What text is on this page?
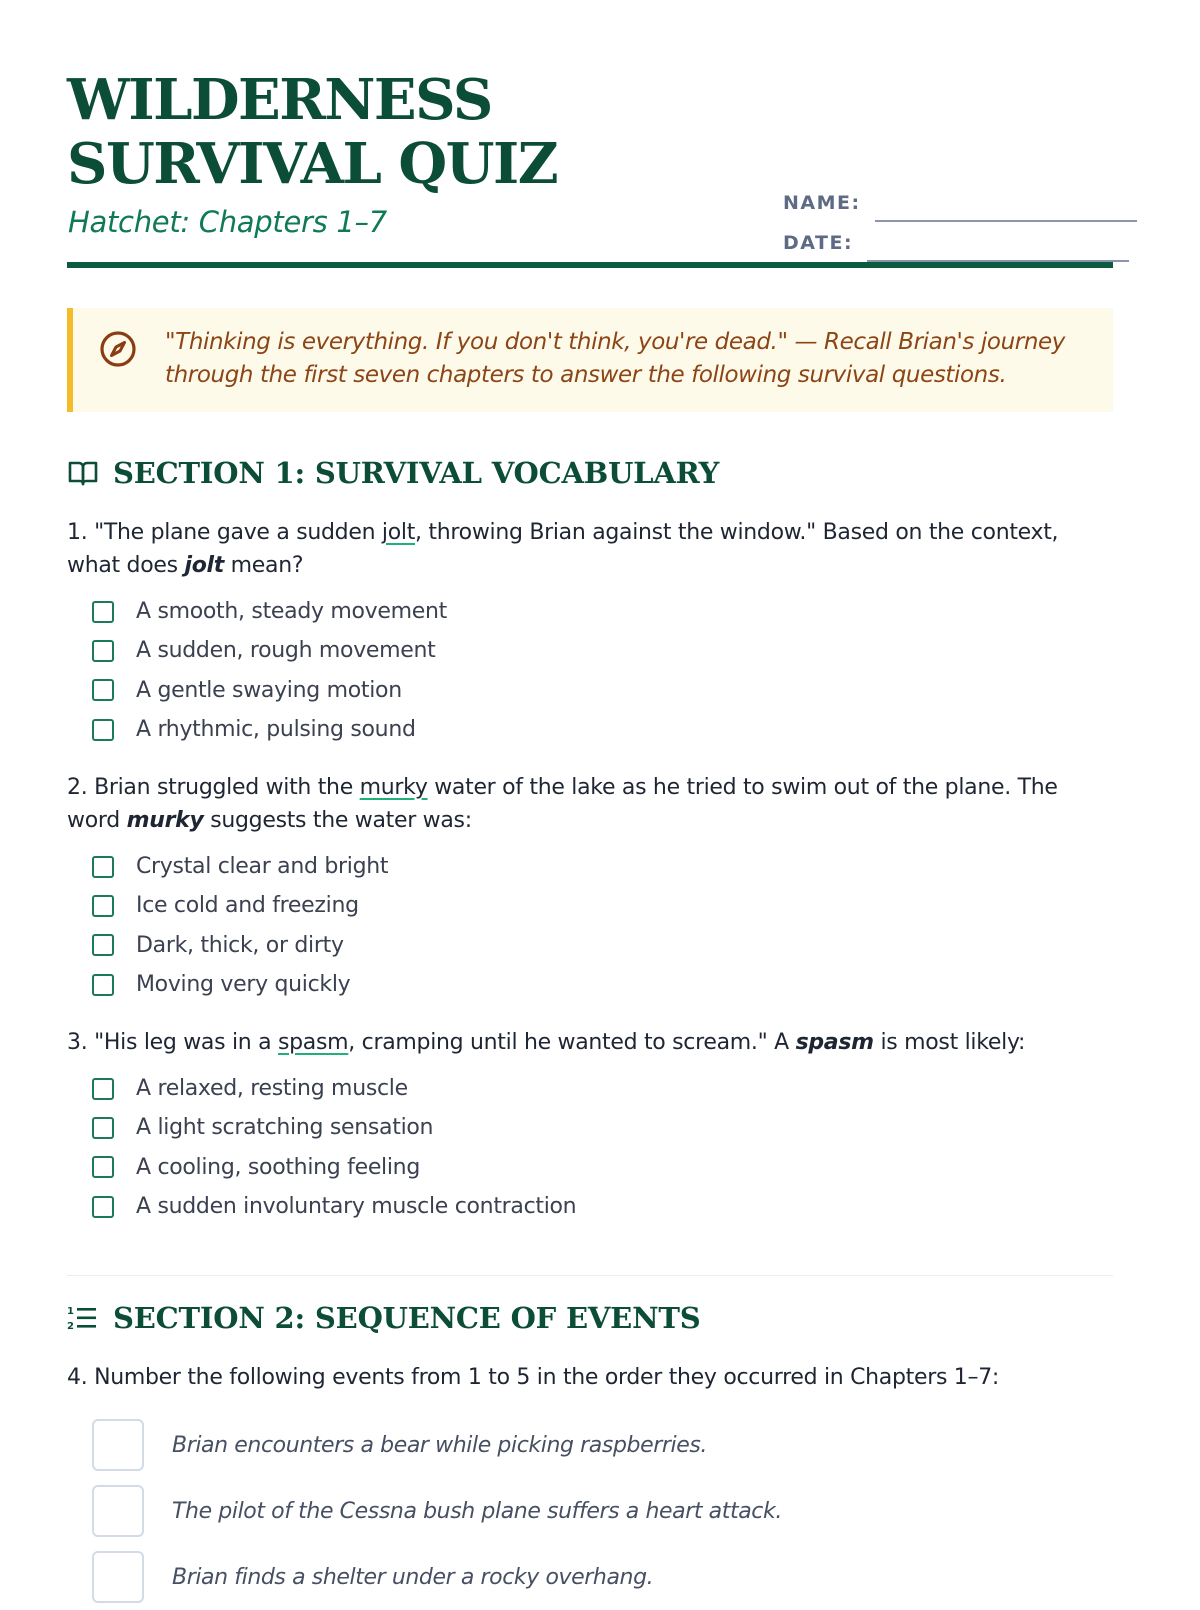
WILDERNESS SURVIVAL QUIZ

Hatchet: Chapters 1–7

NAME:
DATE:
"Thinking is everything. If you don't think, you're dead." — Recall Brian's journey through the first seven chapters to answer the following survival questions.
SECTION 1: SURVIVAL VOCABULARY
1. "The plane gave a sudden jolt, throwing Brian against the window." Based on the context, what does jolt mean?
A smooth, steady movement
A sudden, rough movement
A gentle swaying motion
A rhythmic, pulsing sound
2. Brian struggled with the murky water of the lake as he tried to swim out of the plane. The word murky suggests the water was:
Crystal clear and bright
Ice cold and freezing
Dark, thick, or dirty
Moving very quickly
3. "His leg was in a spasm, cramping until he wanted to scream." A spasm is most likely:
A relaxed, resting muscle
A light scratching sensation
A cooling, soothing feeling
A sudden involuntary muscle contraction
1
2 SECTION 2: SEQUENCE OF EVENTS
4. Number the following events from 1 to 5 in the order they occurred in Chapters 1–7:
Brian encounters a bear while picking raspberries.
The pilot of the Cessna bush plane suffers a heart attack.
Brian finds a shelter under a rocky overhang.
